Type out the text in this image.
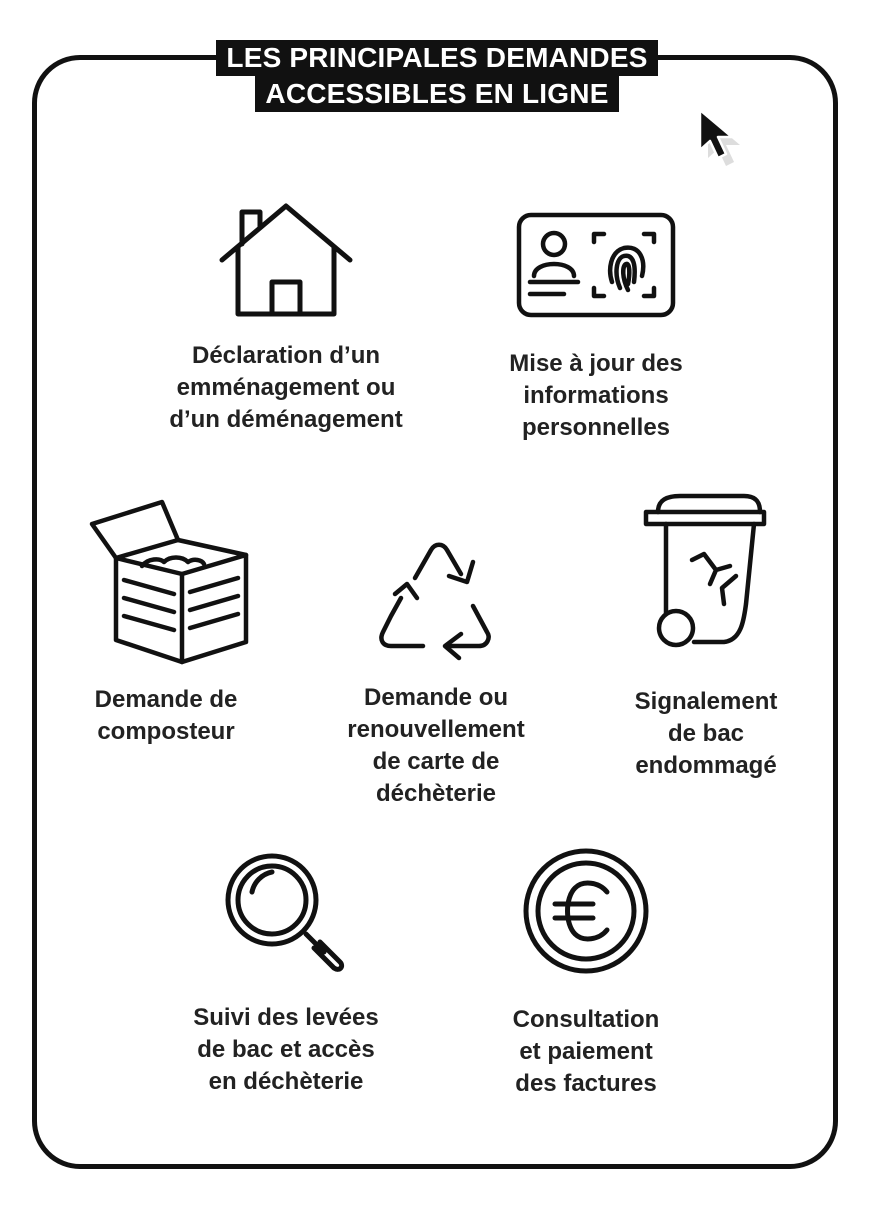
LES PRINCIPALES DEMANDES
ACCESSIBLES EN LIGNE
Déclaration d’un
emménagement ou
d’un déménagement
Mise à jour des
informations
personnelles
Demande de
composteur
Demande ou
renouvellement
de carte de
déchèterie
Signalement
de bac
endommagé
Suivi des levées
de bac et accès
en déchèterie
Consultation
et paiement
des factures
